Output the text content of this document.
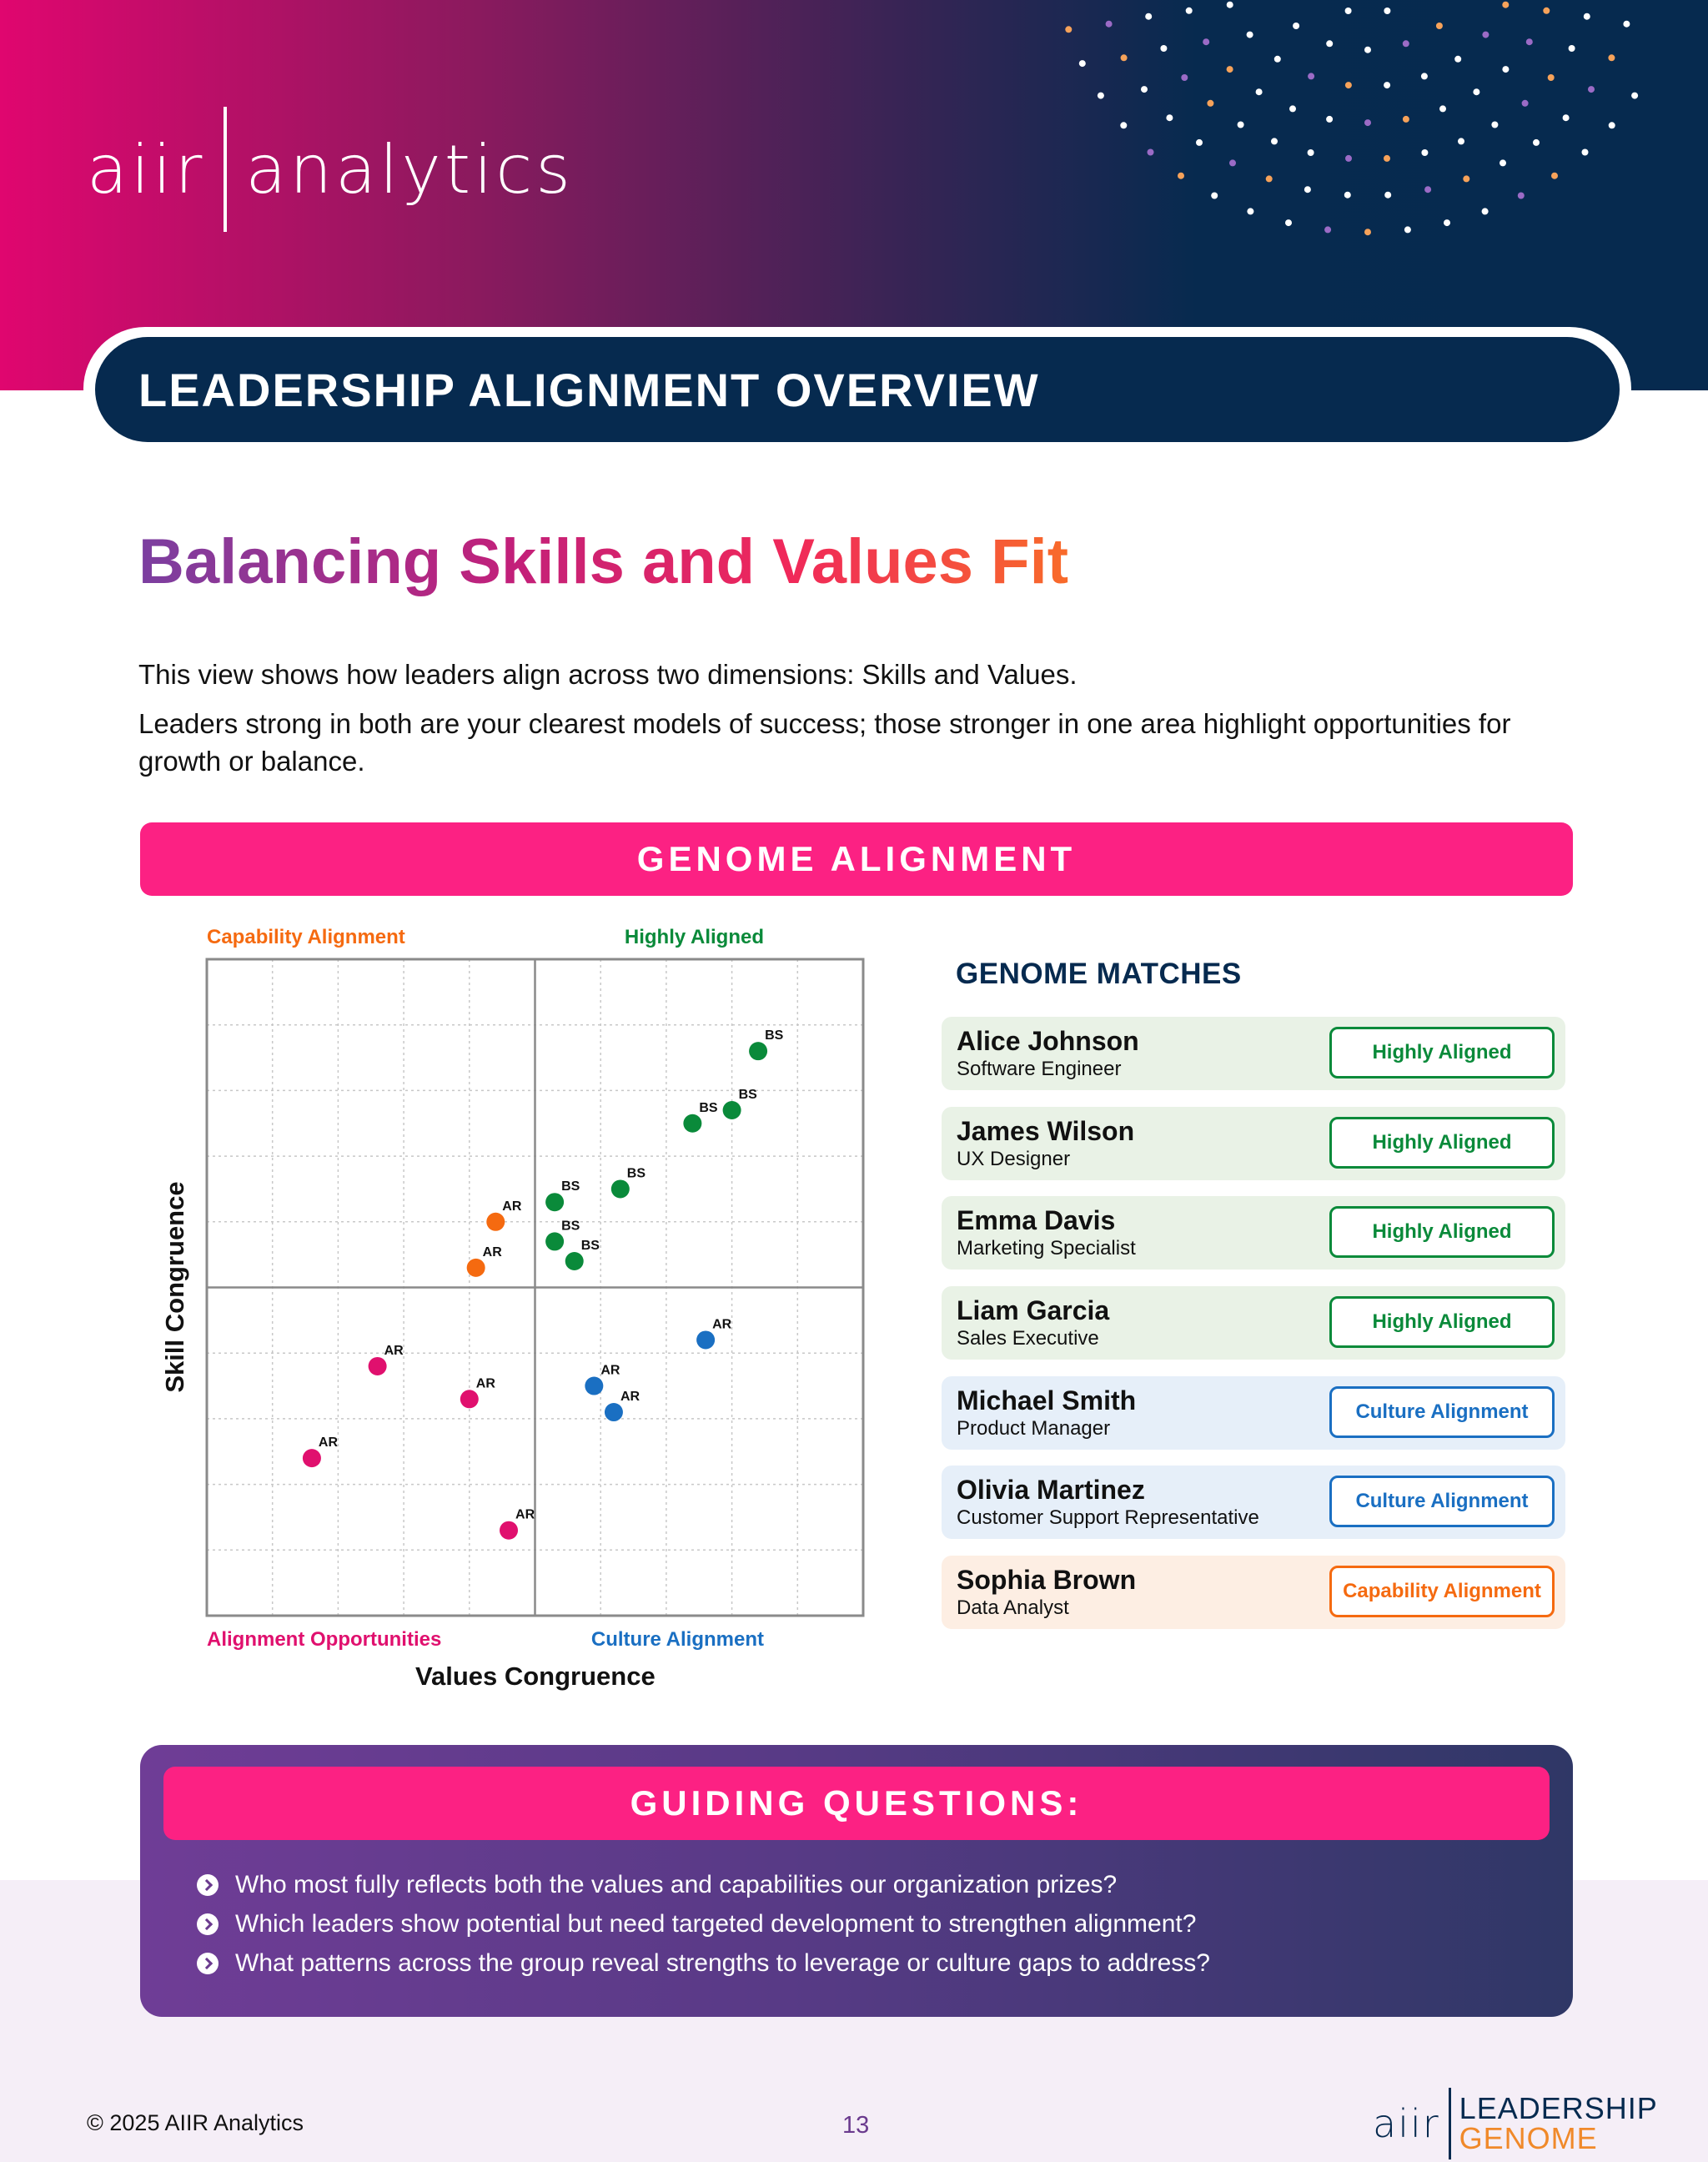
aiir analytics
LEADERSHIP ALIGNMENT OVERVIEW
Balancing Skills and Values Fit

This view shows how leaders align across two dimensions: Skills and Values.

Leaders strong in both are your clearest models of success; those stronger in one area highlight opportunities for growth or balance.

GENOME ALIGNMENT
Capability Alignment	Highly Aligned
BS
BS
BS
BS
BS
BS
BS
AR
AR
AR
AR
AR
AR
AR
AR
AR
Alignment Opportunities	Culture Alignment
Values Congruence
Skill Congruence
GENOME MATCHES
Alice Johnson
Software Engineer
Highly Aligned
James Wilson
UX Designer
Highly Aligned
Emma Davis
Marketing Specialist
Highly Aligned
Liam Garcia
Sales Executive
Highly Aligned
Michael Smith
Product Manager
Culture Alignment
Olivia Martinez
Customer Support Representative
Culture Alignment
Sophia Brown
Data Analyst
Capability Alignment
GUIDING QUESTIONS:
Who most fully reflects both the values and capabilities our organization prizes?
Which leaders show potential but need targeted development to strengthen alignment?
What patterns across the group reveal strengths to leverage or culture gaps to address?
© 2025 AIIR Analytics	13	aiir LEADERSHIP
GENOME
